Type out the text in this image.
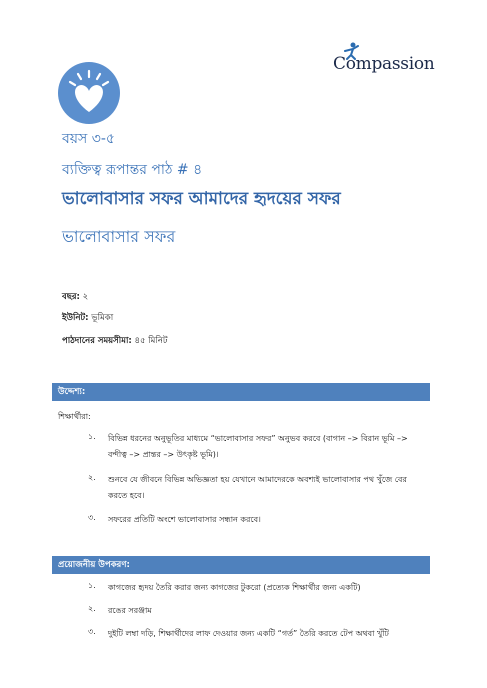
Compassion
বয়স ৩-৫
ব্যক্তিত্ব রূপান্তর পাঠ # ৪
ভালোবাসার সফর আমাদের হৃদয়ের সফর
ভালোবাসার সফর
বছর: ২
ইউনিট: ভূমিকা
পাঠদানের সময়সীমা: ৪৫ মিনিট
উদ্দেশ্য:
শিক্ষার্থীরা:
১.	বিভিন্ন ধরনের অনুভূতির মাধ্যমে “ভালোবাসার সফর” অনুভব করবে (বাগান –> বিরান ভূমি –> বন্দীত্ব –> প্রান্তর –> উৎকৃষ্ট ভূমি)।
২.	শুনবে যে জীবনে বিভিন্ন অভিজ্ঞতা হয় যেখানে আমাদেরকে অবশ্যই ভালোবাসার পথ খুঁজে বের করতে হবে।
৩.	সফরের প্রতিটি অংশে ভালোবাসার সন্ধান করবে।
প্রয়োজনীয় উপকরণ:
১.	কাগজের হৃদয় তৈরি করার জন্য কাগজের টুকরো (প্রত্যেক শিক্ষার্থীর জন্য একটি)
২.	রঙের সরঞ্জাম
৩.	দুইটি লম্বা দড়ি, শিক্ষার্থীদের লাফ দেওয়ার জন্য একটি “গর্ত” তৈরি করতে টেপ অথবা খুঁটি
